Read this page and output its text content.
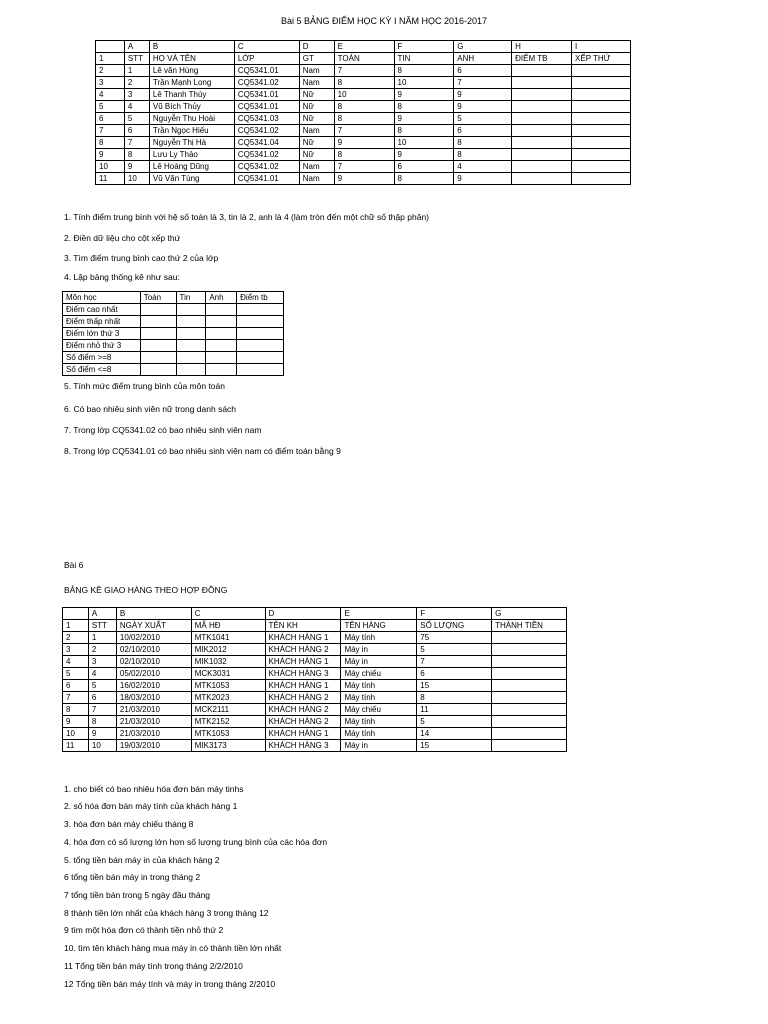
Bài 5 BẢNG ĐIỂM HỌC KỲ I NĂM HỌC 2016-2017
	A	B	C	D	E	F	G	H	I
1	STT	HỌ VÀ TÊN	LỚP	GT	TOÁN	TIN	ANH	ĐIỂM TB	XẾP THỨ
2	1	Lê văn Hùng	CQ5341.01	Nam	7	8	6		
3	2	Trần Mạnh Long	CQ5341.02	Nam	8	10	7		
4	3	Lê Thanh Thúy	CQ5341.01	Nữ	10	9	9		
5	4	Vũ Bích Thủy	CQ5341.01	Nữ	8	8	9		
6	5	Nguyễn Thu Hoài	CQ5341.03	Nữ	8	9	5		
7	6	Trần Ngọc Hiếu	CQ5341.02	Nam	7	8	6		
8	7	Nguyễn Thị Hà	CQ5341.04	Nữ	9	10	8		
9	8	Lưu Ly Thảo	CQ5341.02	Nữ	8	9	8		
10	9	Lê Hoàng Dũng	CQ5341.02	Nam	7	6	4		
11	10	Vũ Văn Tùng	CQ5341.01	Nam	9	8	9		
1. Tính điểm trung bình với hệ số toán là 3, tin là 2, anh là 4 (làm tròn đến một chữ số thập phân)
2. Điền dữ liệu cho cột xếp thứ
3. Tìm điểm trung bình cao thứ 2 của lớp
4. Lập bảng thống kê như sau:
Môn học	Toán	Tin	Anh	Điểm tb
Điểm cao nhất				
Điểm thấp nhất				
Điểm lớn thứ 3				
Điểm nhỏ thứ 3				
Số điểm >=8				
Số điểm <=8				
5. Tính mức điểm trung bình của môn toán
6. Có bao nhiêu sinh viên nữ trong danh sách
7. Trong lớp CQ5341.02 có bao nhiêu sinh viên nam
8. Trong lớp CQ5341.01 có bao nhiêu sinh viên nam có điểm toán bằng 9
Bài 6
BẢNG KÊ GIAO HÀNG THEO HỢP ĐỒNG
	A	B	C	D	E	F	G
1	STT	NGÀY XUẤT	MÃ HĐ	TÊN KH	TÊN HÀNG	SỐ LƯỢNG	THÀNH TIỀN
2	1	10/02/2010	MTK1041	KHÁCH HÀNG 1	Máy tính	75	
3	2	02/10/2010	MIK2012	KHÁCH HÀNG 2	Máy in	5	
4	3	02/10/2010	MIK1032	KHÁCH HÀNG 1	Máy in	7	
5	4	05/02/2010	MCK3031	KHÁCH HÀNG 3	Máy chiếu	6	
6	5	16/02/2010	MTK1053	KHÁCH HÀNG 1	Máy tính	15	
7	6	18/03/2010	MTK2023	KHÁCH HÀNG 2	Máy tính	8	
8	7	21/03/2010	MCK2111	KHÁCH HÀNG 2	Máy chiếu	11	
9	8	21/03/2010	MTK2152	KHÁCH HÀNG 2	Máy tính	5	
10	9	21/03/2010	MTK1053	KHÁCH HÀNG 1	Máy tính	14	
11	10	19/03/2010	MIK3173	KHÁCH HÀNG 3	Máy in	15	
1. cho biết có bao nhiêu hóa đơn bán máy tinhs
2. số hóa đơn bán máy tính của khách hàng 1
3. hóa đơn bán máy chiếu tháng 8
4. hóa đơn có số lượng lớn hơn số lượng trung bình của các hóa đơn
5. tổng tiền bán máy in của khách hàng 2
6 tổng tiền bán máy in trong tháng 2
7 tổng tiền bán trong 5 ngày đầu tháng
8 thành tiền lớn nhất của khách hàng 3 trong tháng 12
9 tìm một hóa đơn có thành tiền nhỏ thứ 2
10. tìm tên khách hàng mua máy in có thành tiền lớn nhất
11 Tổng tiền bán máy tính trong tháng 2/2/2010
12 Tổng tiền bán máy tính và máy in trong tháng 2/2010
